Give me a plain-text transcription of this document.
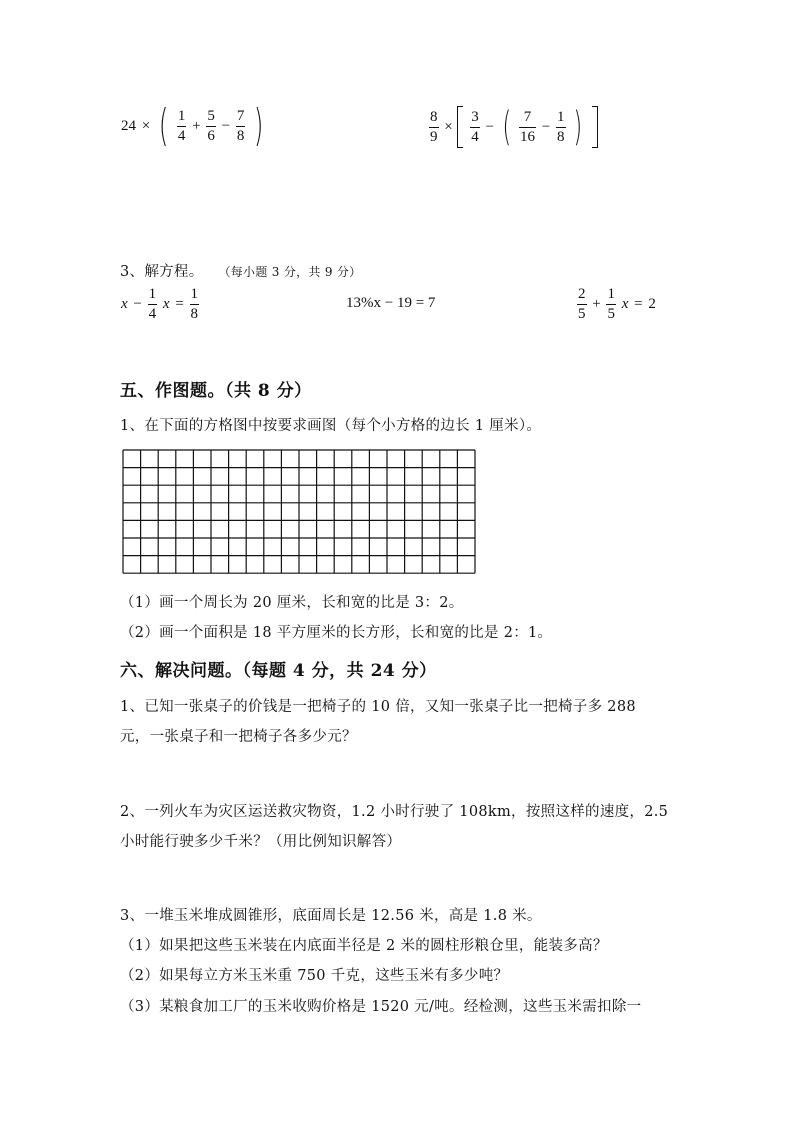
24 × ( $\frac{1}{4} + \frac{5}{6} - \frac{7}{8}$ )	$\frac{8}{9} \times \frac{3}{4}$ − ( $\frac{7}{16} - \frac{1}{8}$ )
3、解方程。 （每小题 3 分，共 9 分）
$x - \frac{1}{4}$ $x = \frac{1}{8}$	13%x − 19 = 7	$\frac{2}{5} + \frac{1}{5}$ x = 2
五、作图题。（共 8 分）
1、在下面的方格图中按要求画图（每个小方格的边长 1 厘米）。
（1）画一个周长为 20 厘米，长和宽的比是 3：2。
（2）画一个面积是 18 平方厘米的长方形，长和宽的比是 2：1。
六、解决问题。（每题 4 分，共 24 分）
1、已知一张桌子的价钱是一把椅子的 10 倍，又知一张桌子比一把椅子多 288
元，一张桌子和一把椅子各多少元？
2、一列火车为灾区运送救灾物资，1.2 小时行驶了 108km，按照这样的速度，2.5
小时能行驶多少千米？（用比例知识解答）
3、一堆玉米堆成圆锥形，底面周长是 12.56 米，高是 1.8 米。
（1）如果把这些玉米装在内底面半径是 2 米的圆柱形粮仓里，能装多高？
（2）如果每立方米玉米重 750 千克，这些玉米有多少吨？
（3）某粮食加工厂的玉米收购价格是 1520 元/吨。经检测，这些玉米需扣除一
